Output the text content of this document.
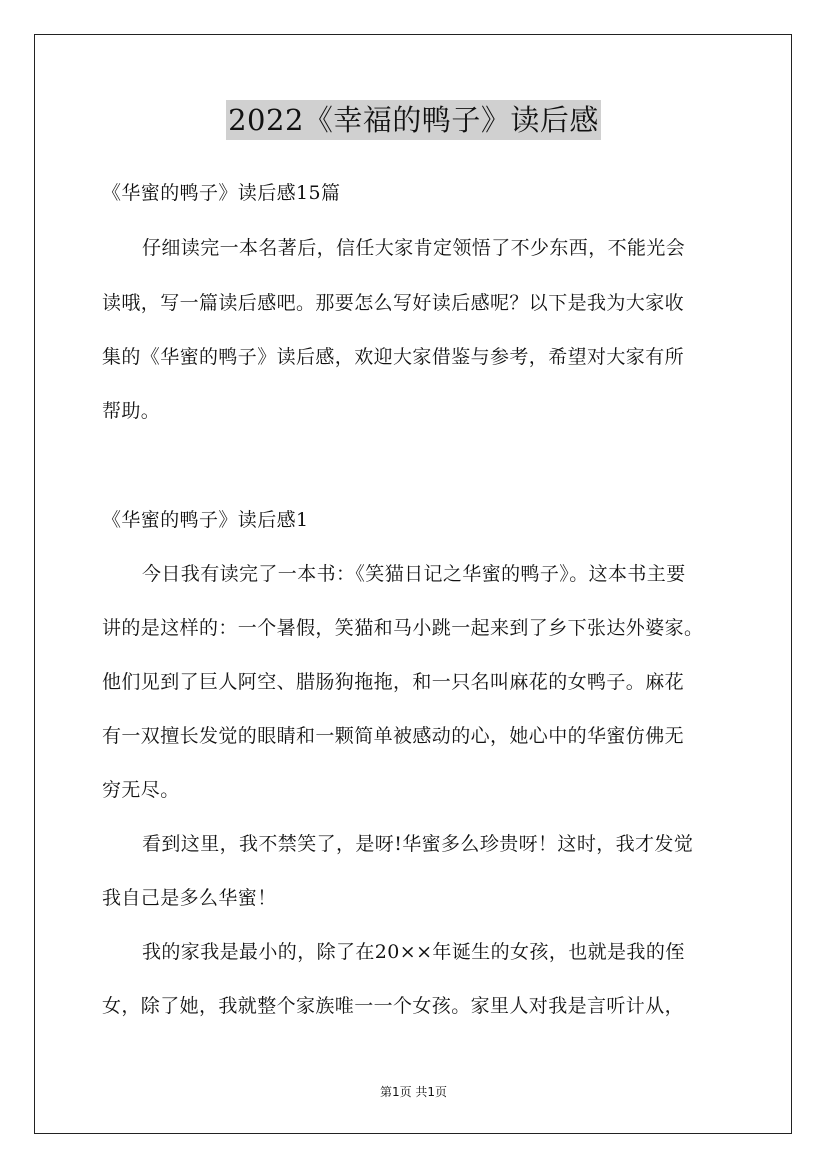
2022《幸福的鸭子》读后感
《华蜜的鸭子》读后感15篇
仔细读完一本名著后，信任大家肯定领悟了不少东西，不能光会
读哦，写一篇读后感吧。那要怎么写好读后感呢？以下是我为大家收
集的《华蜜的鸭子》读后感，欢迎大家借鉴与参考，希望对大家有所
帮助。
《华蜜的鸭子》读后感1
今日我有读完了一本书：《笑猫日记之华蜜的鸭子》。这本书主要
讲的是这样的：一个暑假，笑猫和马小跳一起来到了乡下张达外婆家。
他们见到了巨人阿空、腊肠狗拖拖，和一只名叫麻花的女鸭子。麻花
有一双擅长发觉的眼睛和一颗简单被感动的心，她心中的华蜜仿佛无
穷无尽。
看到这里，我不禁笑了，是呀!华蜜多么珍贵呀！这时，我才发觉
我自己是多么华蜜！
我的家我是最小的，除了在20××年诞生的女孩，也就是我的侄
女，除了她，我就整个家族唯一一个女孩。家里人对我是言听计从，
第1页 共1页
